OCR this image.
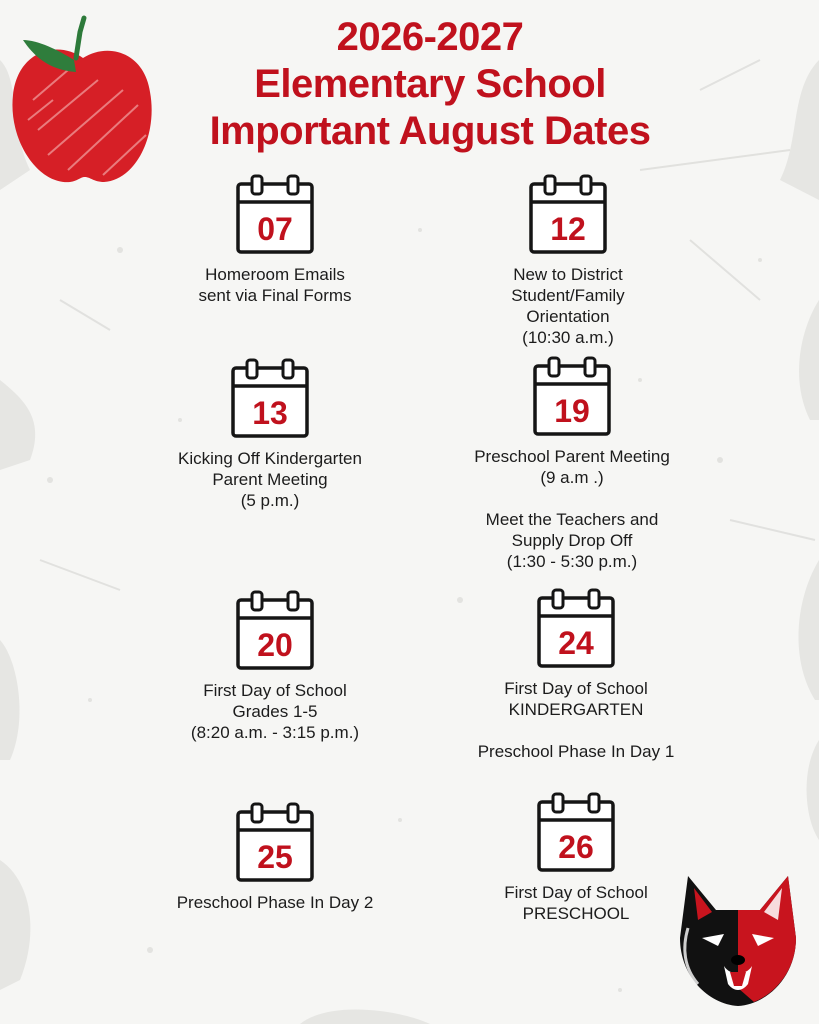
2026-2027
Elementary School
Important August Dates
07
Homeroom Emails
sent via Final Forms
12
New to District
Student/Family
Orientation
(10:30 a.m.)
13
Kicking Off Kindergarten
Parent Meeting
(5 p.m.)
19
Preschool Parent Meeting
(9 a.m .)
Meet the Teachers and
Supply Drop Off
(1:30 - 5:30 p.m.)
20
First Day of School
Grades 1-5
(8:20 a.m. - 3:15 p.m.)
24
First Day of School
KINDERGARTEN
Preschool Phase In Day 1
25
Preschool Phase In Day 2
26
First Day of School
PRESCHOOL
